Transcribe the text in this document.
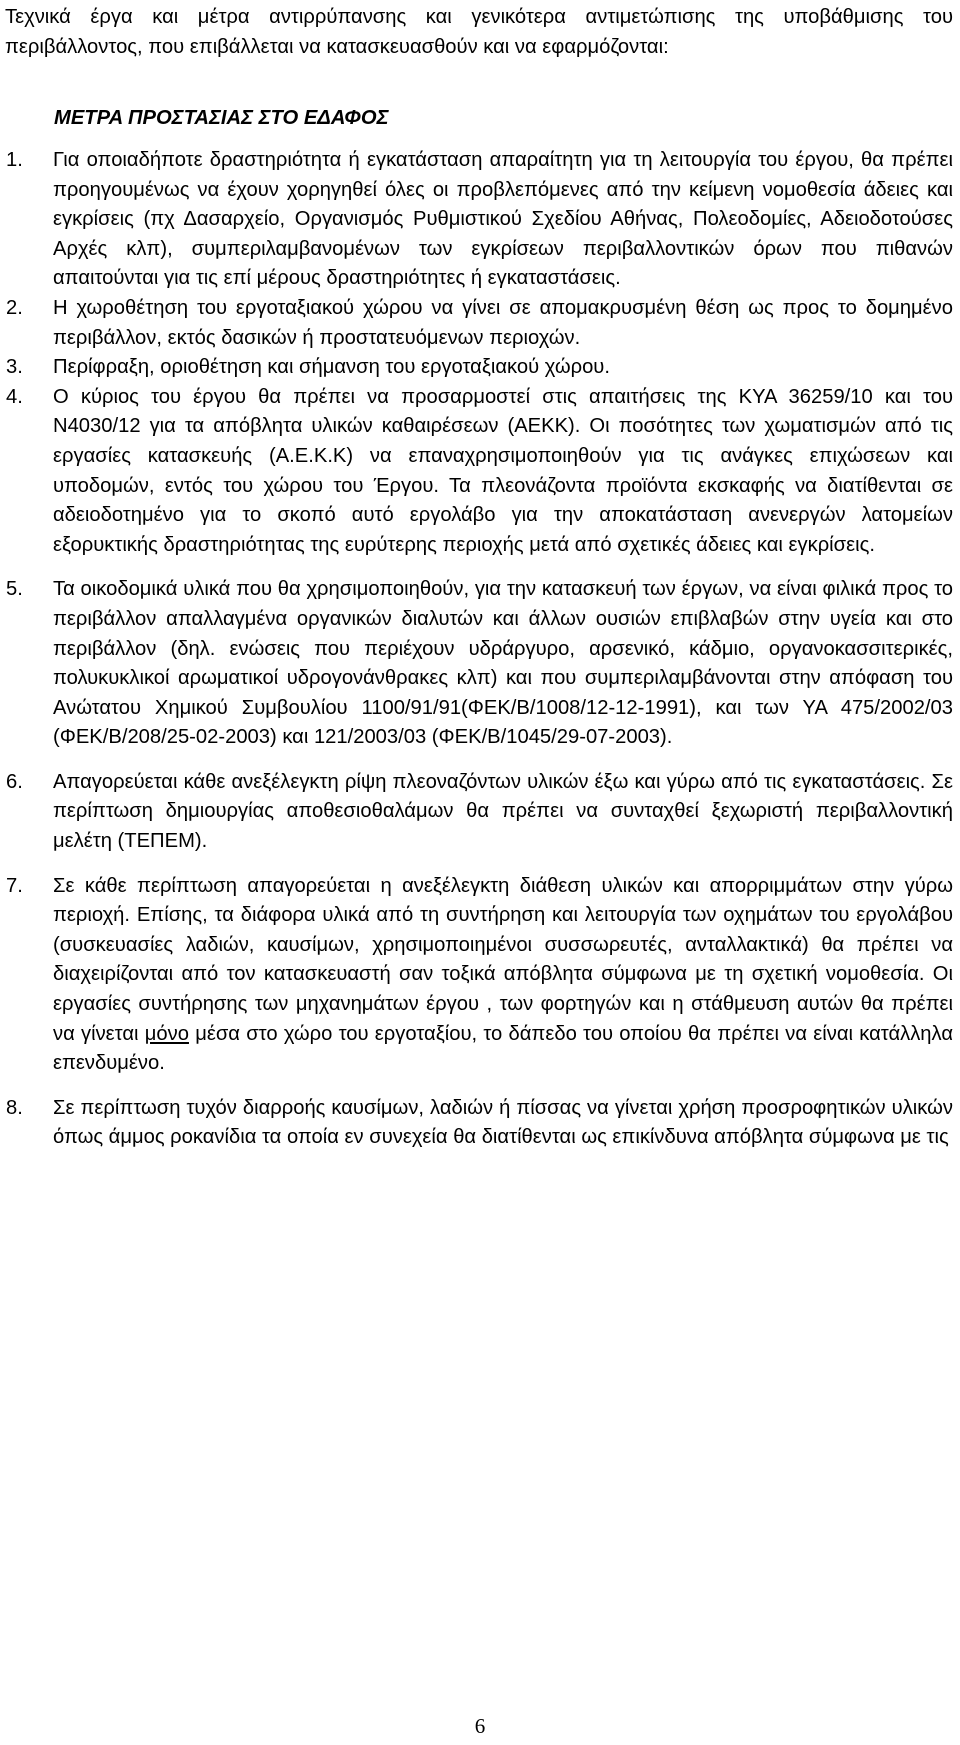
Τεχνικά έργα και μέτρα αντιρρύπανσης και γενικότερα αντιμετώπισης της υποβάθμισης του περιβάλλοντος, που επιβάλλεται να κατασκευασθούν και να εφαρμόζονται:
ΜΕΤΡΑ ΠΡΟΣΤΑΣΙΑΣ ΣΤΟ ΕΔΑΦΟΣ
1. Για οποιαδήποτε δραστηριότητα ή εγκατάσταση απαραίτητη για τη λειτουργία του έργου, θα πρέπει προηγουμένως να έχουν χορηγηθεί όλες οι προβλεπόμενες από την κείμενη νομοθεσία άδειες και εγκρίσεις (πχ Δασαρχείο, Οργανισμός Ρυθμιστικού Σχεδίου Αθήνας, Πολεοδομίες, Αδειοδοτούσες Αρχές κλπ), συμπεριλαμβανομένων των εγκρίσεων περιβαλλοντικών όρων που πιθανών απαιτούνται για τις επί μέρους δραστηριότητες ή εγκαταστάσεις.
2. Η χωροθέτηση του εργοταξιακού χώρου να γίνει σε απομακρυσμένη θέση ως προς το δομημένο περιβάλλον, εκτός δασικών ή προστατευόμενων περιοχών.
3. Περίφραξη, οριοθέτηση και σήμανση του εργοταξιακού χώρου.
4. Ο κύριος του έργου θα πρέπει να προσαρμοστεί στις απαιτήσεις της ΚΥΑ 36259/10 και του Ν4030/12 για τα απόβλητα υλικών καθαιρέσεων (ΑΕΚΚ). Οι ποσότητες των χωματισμών από τις εργασίες κατασκευής (Α.Ε.Κ.Κ) να επαναχρησιμοποιηθούν για τις ανάγκες επιχώσεων και υποδομών, εντός του χώρου του Έργου. Τα πλεονάζοντα προϊόντα εκσκαφής να διατίθενται σε αδειοδοτημένο για το σκοπό αυτό εργολάβο για την αποκατάσταση ανενεργών λατομείων εξορυκτικής δραστηριότητας της ευρύτερης περιοχής μετά από σχετικές άδειες και εγκρίσεις.
5. Τα οικοδομικά υλικά που θα χρησιμοποιηθούν, για την κατασκευή των έργων, να είναι φιλικά προς το περιβάλλον απαλλαγμένα οργανικών διαλυτών και άλλων ουσιών επιβλαβών στην υγεία και στο περιβάλλον (δηλ. ενώσεις που περιέχουν υδράργυρο, αρσενικό, κάδμιο, οργανοκασσιτερικές, πολυκυκλικοί αρωματικοί υδρογονάνθρακες κλπ) και που συμπεριλαμβάνονται στην απόφαση του Ανώτατου Χημικού Συμβουλίου 1100/91/91(ΦΕΚ/Β/1008/12-12-1991), και των ΥΑ 475/2002/03 (ΦΕΚ/Β/208/25-02-2003) και 121/2003/03 (ΦΕΚ/Β/1045/29-07-2003).
6. Απαγορεύεται κάθε ανεξέλεγκτη ρίψη πλεοναζόντων υλικών έξω και γύρω από τις εγκαταστάσεις. Σε περίπτωση δημιουργίας αποθεσιοθαλάμων θα πρέπει να συνταχθεί ξεχωριστή περιβαλλοντική μελέτη (ΤΕΠΕΜ).
7. Σε κάθε περίπτωση απαγορεύεται η ανεξέλεγκτη διάθεση υλικών και απορριμμάτων στην γύρω περιοχή. Επίσης, τα διάφορα υλικά από τη συντήρηση και λειτουργία των οχημάτων του εργολάβου (συσκευασίες λαδιών, καυσίμων, χρησιμοποιημένοι συσσωρευτές, ανταλλακτικά) θα πρέπει να διαχειρίζονται από τον κατασκευαστή σαν τοξικά απόβλητα σύμφωνα με τη σχετική νομοθεσία. Οι εργασίες συντήρησης των μηχανημάτων έργου , των φορτηγών και η στάθμευση αυτών θα πρέπει να γίνεται μόνο μέσα στο χώρο του εργοταξίου, το δάπεδο του οποίου θα πρέπει να είναι κατάλληλα επενδυμένο.
8. Σε περίπτωση τυχόν διαρροής καυσίμων, λαδιών ή πίσσας να γίνεται χρήση προσροφητικών υλικών όπως άμμος ροκανίδια τα οποία εν συνεχεία θα διατίθενται ως επικίνδυνα απόβλητα σύμφωνα με τις
6
